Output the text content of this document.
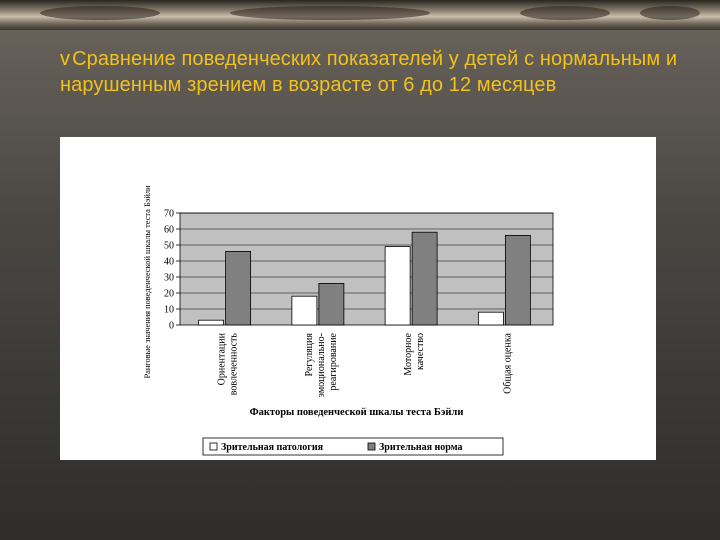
v Сравнение поведенческих показателей у детей с нормальным и нарушенным зрением в возрасте от 6 до 12 месяцев
0
10
20
30
40
50
60
70
Ориентации вовлеченность	Регуляция эмоционально- реагирование	Моторное качество	Общая оценка
Факторы поведенческой шкалы теста Бэйли
Ранговые значения поведенческой шкалы теста Бэйли
Зрительная патология	Зрительная норма
